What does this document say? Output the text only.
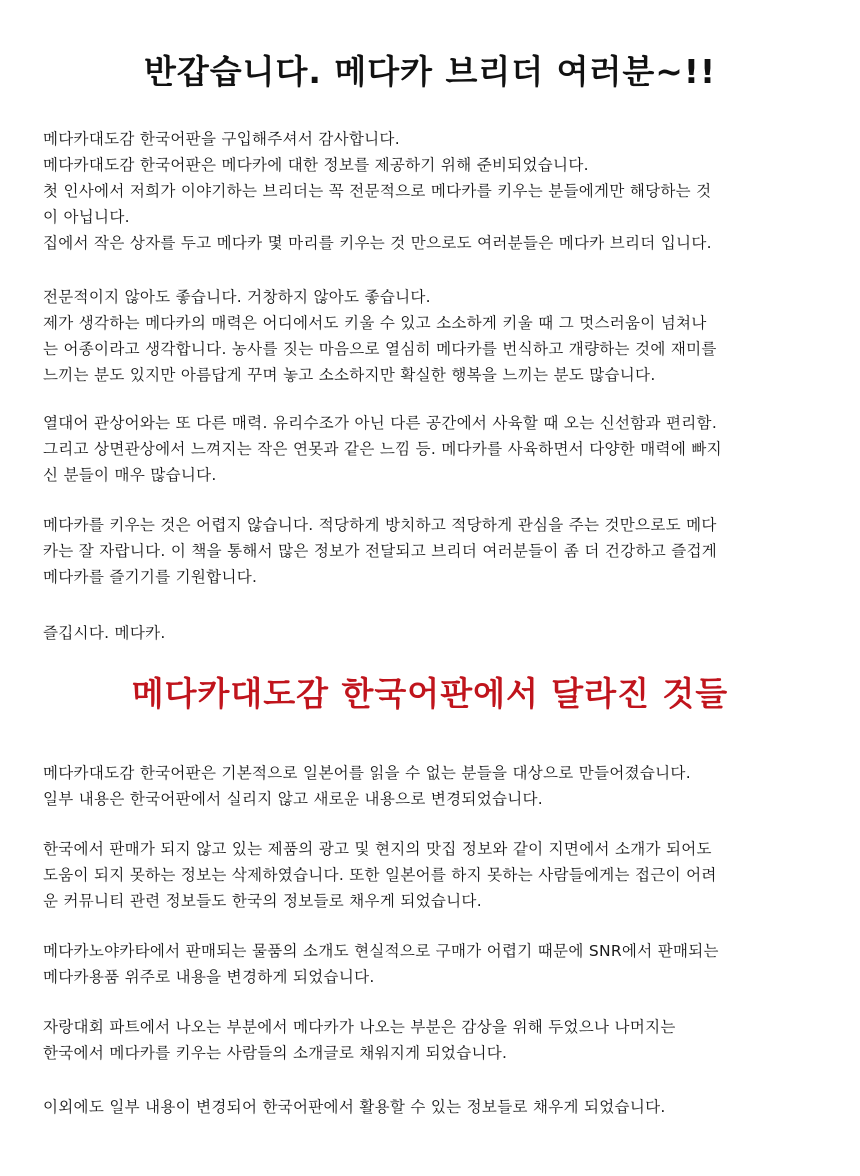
반갑습니다. 메다카 브리더 여러분~!!

메다카대도감 한국어판을 구입해주셔서 감사합니다.
메다카대도감 한국어판은 메다카에 대한 정보를 제공하기 위해 준비되었습니다.
첫 인사에서 저희가 이야기하는 브리더는 꼭 전문적으로 메다카를 키우는 분들에게만 해당하는 것
이 아닙니다.
집에서 작은 상자를 두고 메다카 몇 마리를 키우는 것 만으로도 여러분들은 메다카 브리더 입니다.

전문적이지 않아도 좋습니다. 거창하지 않아도 좋습니다.
제가 생각하는 메다카의 매력은 어디에서도 키울 수 있고 소소하게 키울 때 그 멋스러움이 넘쳐나
는 어종이라고 생각합니다. 농사를 짓는 마음으로 열심히 메다카를 번식하고 개량하는 것에 재미를
느끼는 분도 있지만 아름답게 꾸며 놓고 소소하지만 확실한 행복을 느끼는 분도 많습니다.

열대어 관상어와는 또 다른 매력. 유리수조가 아닌 다른 공간에서 사육할 때 오는 신선함과 편리함.
그리고 상면관상에서 느껴지는 작은 연못과 같은 느낌 등. 메다카를 사육하면서 다양한 매력에 빠지
신 분들이 매우 많습니다.

메다카를 키우는 것은 어렵지 않습니다. 적당하게 방치하고 적당하게 관심을 주는 것만으로도 메다
카는 잘 자랍니다. 이 책을 통해서 많은 정보가 전달되고 브리더 여러분들이 좀 더 건강하고 즐겁게
메다카를 즐기기를 기원합니다.

즐깁시다. 메다카.

메다카대도감 한국어판에서 달라진 것들

메다카대도감 한국어판은 기본적으로 일본어를 읽을 수 없는 분들을 대상으로 만들어졌습니다.
일부 내용은 한국어판에서 실리지 않고 새로운 내용으로 변경되었습니다.

한국에서 판매가 되지 않고 있는 제품의 광고 및 현지의 맛집 정보와 같이 지면에서 소개가 되어도
도움이 되지 못하는 정보는 삭제하였습니다. 또한 일본어를 하지 못하는 사람들에게는 접근이 어려
운 커뮤니티 관련 정보들도 한국의 정보들로 채우게 되었습니다.

메다카노야카타에서 판매되는 물품의 소개도 현실적으로 구매가 어렵기 때문에 SNR에서 판매되는
메다카용품 위주로 내용을 변경하게 되었습니다.

자랑대회 파트에서 나오는 부분에서 메다카가 나오는 부분은 감상을 위해 두었으나 나머지는
한국에서 메다카를 키우는 사람들의 소개글로 채워지게 되었습니다.

이외에도 일부 내용이 변경되어 한국어판에서 활용할 수 있는 정보들로 채우게 되었습니다.
